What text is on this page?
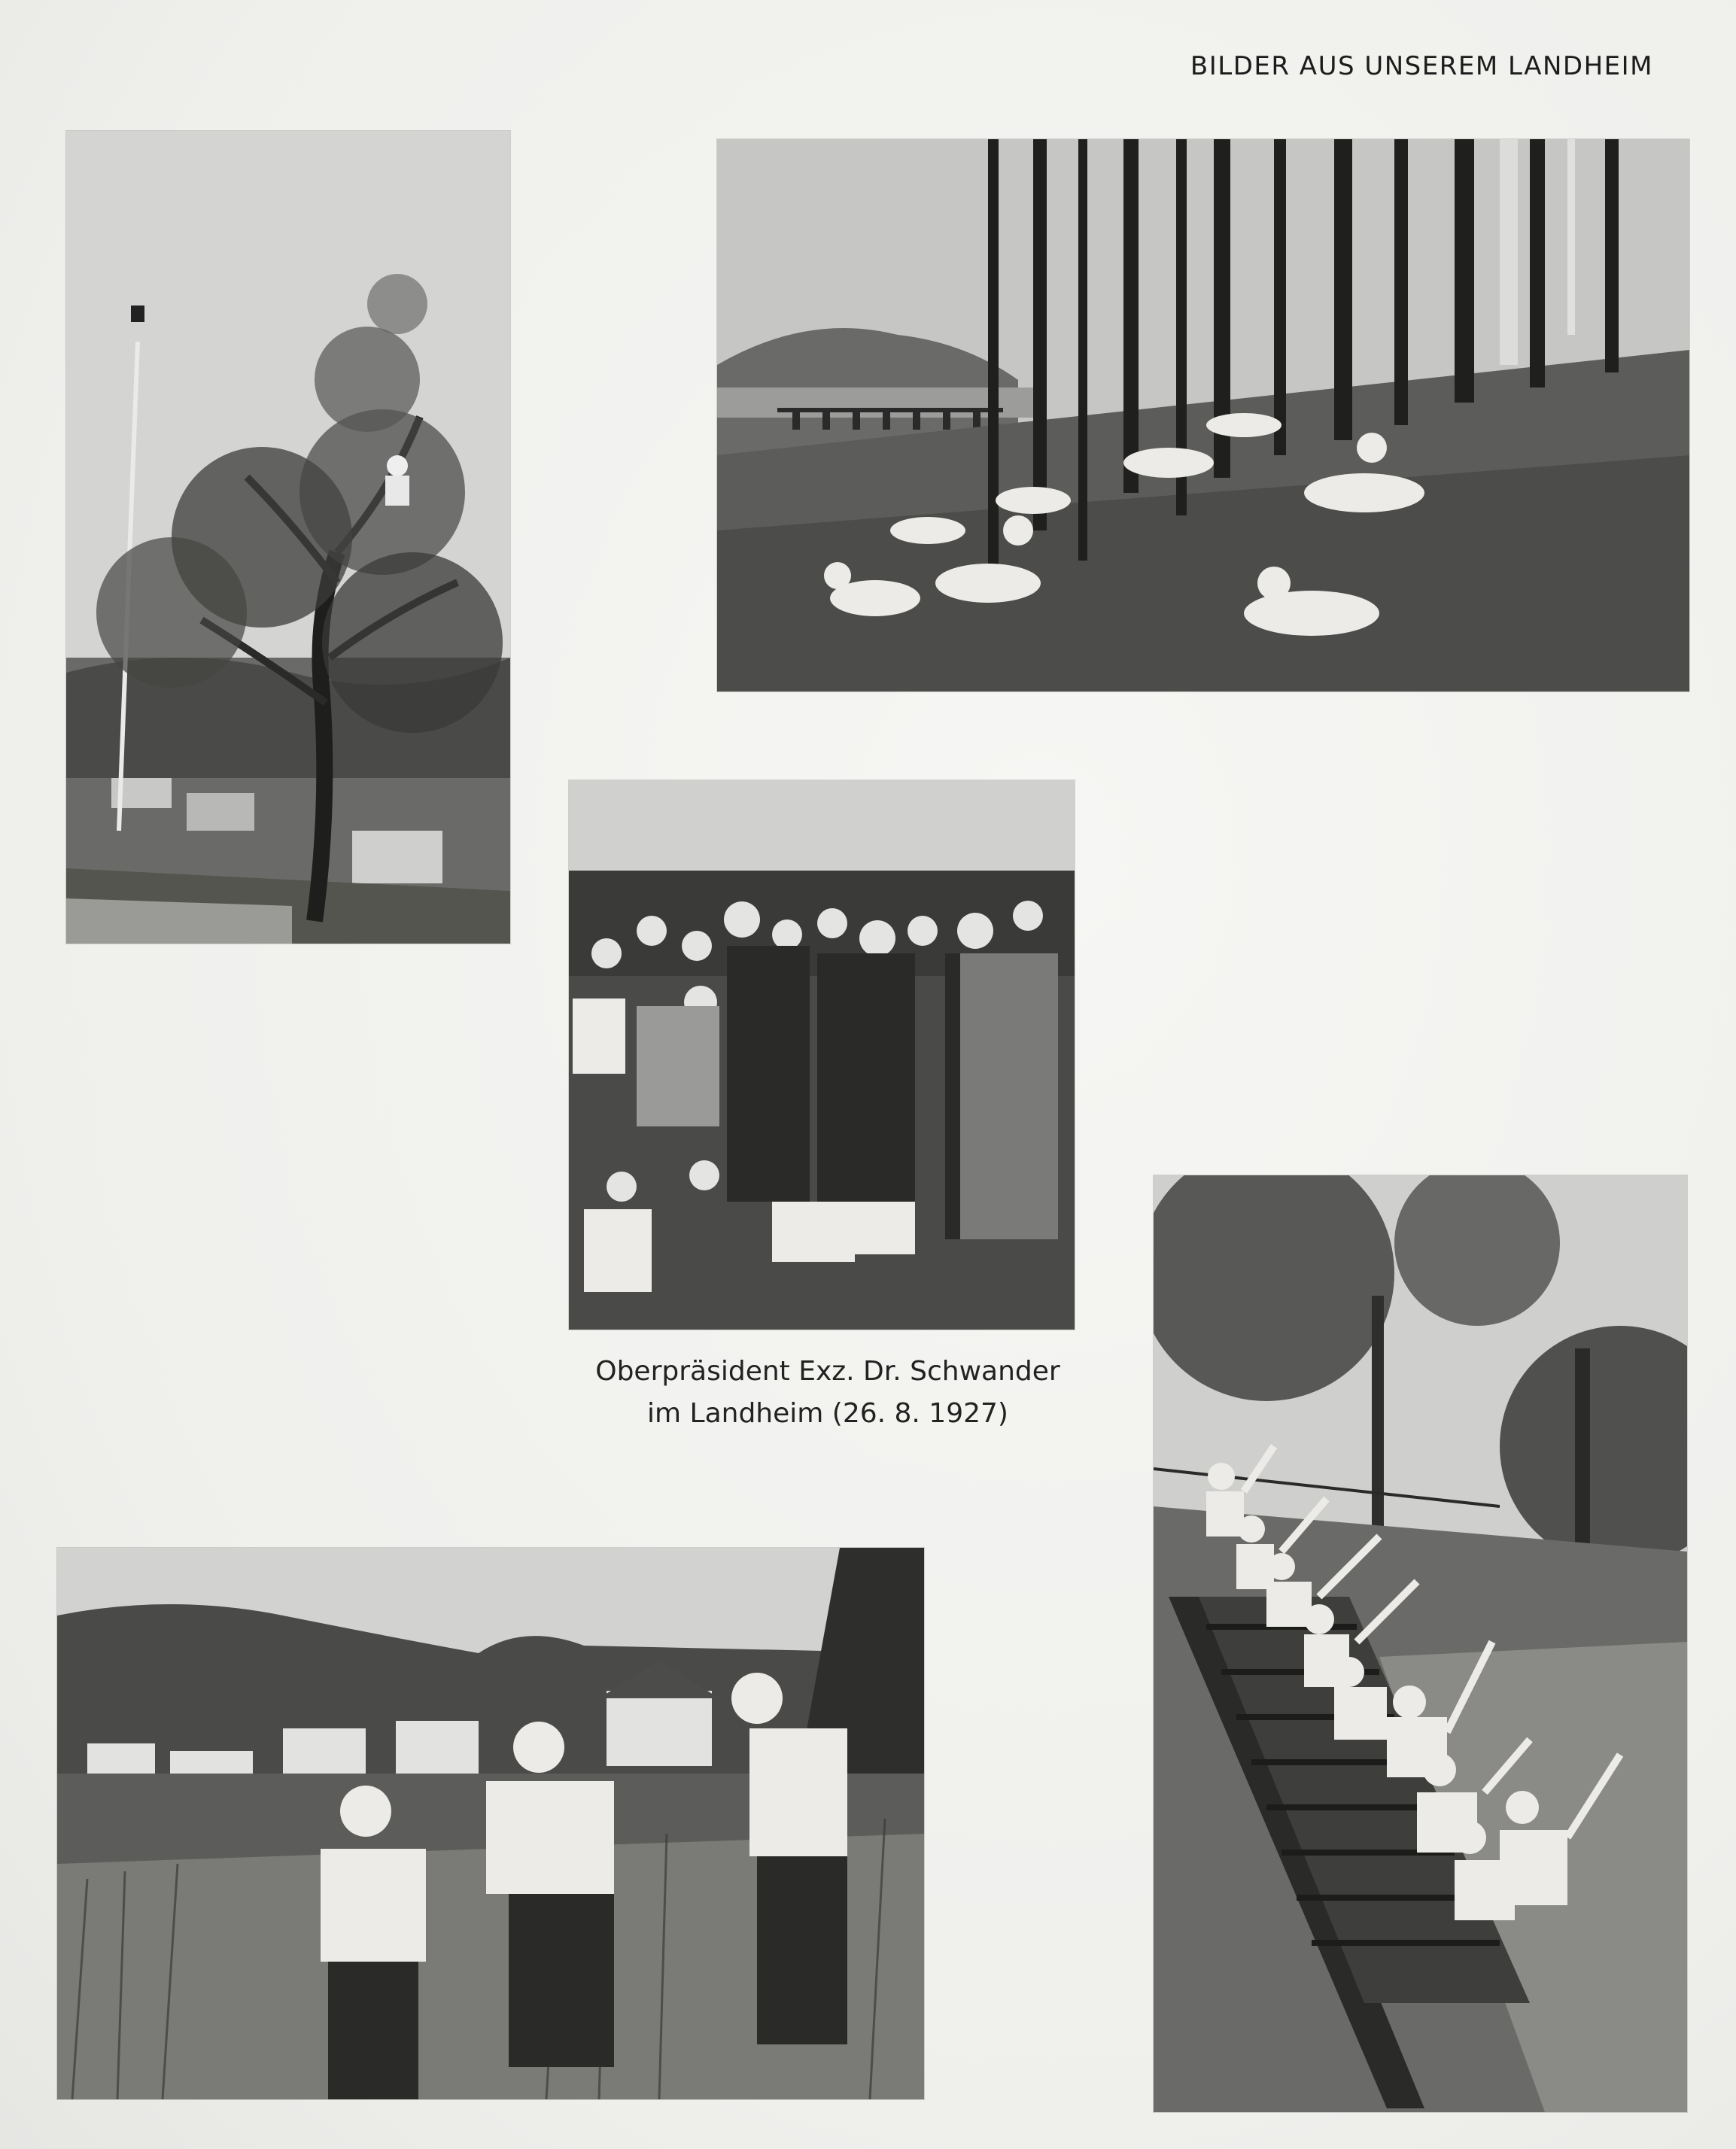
BILDER AUS UNSEREM LANDHEIM
Oberpräsident Exz. Dr. Schwander
im Landheim (26. 8. 1927)
